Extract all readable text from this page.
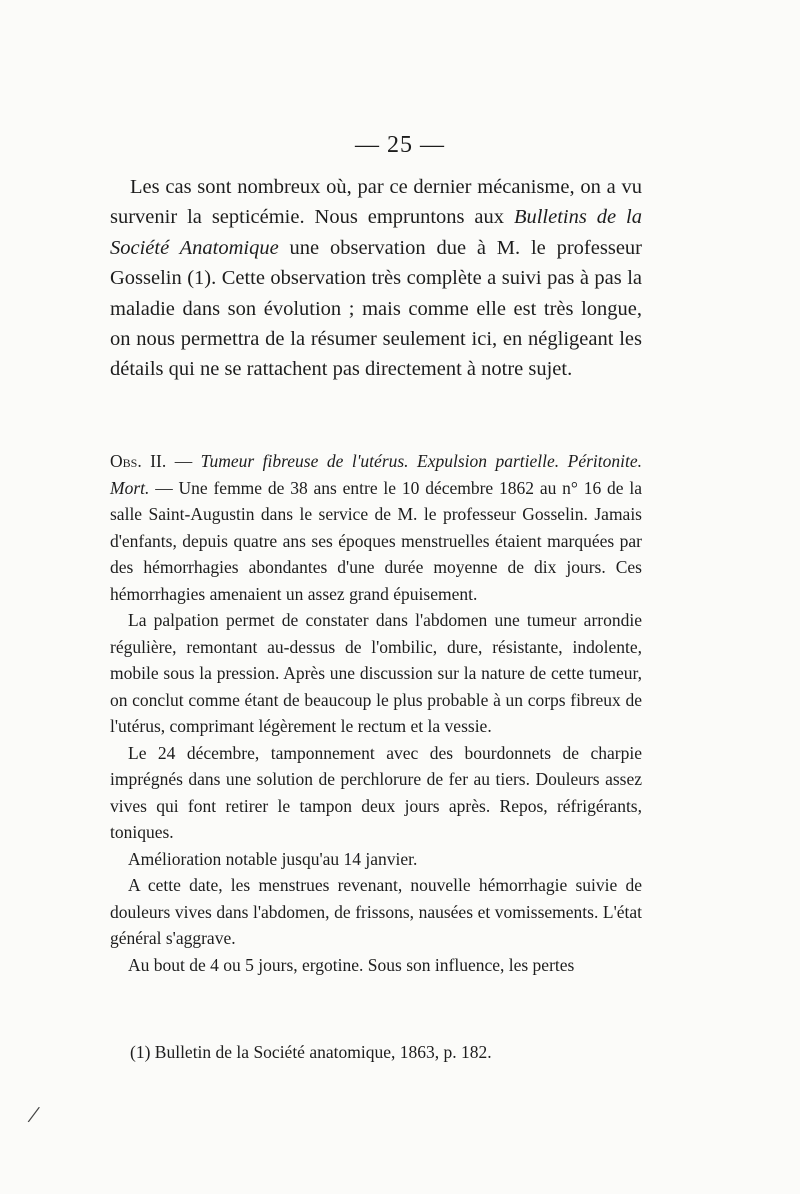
— 25 —

Les cas sont nombreux où, par ce dernier mécanisme, on a vu survenir la septicémie. Nous empruntons aux Bulletins de la Société Anatomique une observation due à M. le professeur Gosselin (1). Cette observation très complète a suivi pas à pas la maladie dans son évolution ; mais comme elle est très longue, on nous permettra de la résumer seulement ici, en négligeant les détails qui ne se rattachent pas directement à notre sujet.

Obs. II. — Tumeur fibreuse de l'utérus. Expulsion partielle. Péritonite. Mort. — Une femme de 38 ans entre le 10 décembre 1862 au n° 16 de la salle Saint-Augustin dans le service de M. le professeur Gosselin. Jamais d'enfants, depuis quatre ans ses époques menstruelles étaient marquées par des hémorrhagies abondantes d'une durée moyenne de dix jours. Ces hémorrhagies amenaient un assez grand épuisement.

La palpation permet de constater dans l'abdomen une tumeur arrondie régulière, remontant au-dessus de l'ombilic, dure, résistante, indolente, mobile sous la pression. Après une discussion sur la nature de cette tumeur, on conclut comme étant de beaucoup le plus probable à un corps fibreux de l'utérus, comprimant légèrement le rectum et la vessie.

Le 24 décembre, tamponnement avec des bourdonnets de charpie imprégnés dans une solution de perchlorure de fer au tiers. Douleurs assez vives qui font retirer le tampon deux jours après. Repos, réfrigérants, toniques.

Amélioration notable jusqu'au 14 janvier.

A cette date, les menstrues revenant, nouvelle hémorrhagie suivie de douleurs vives dans l'abdomen, de frissons, nausées et vomissements. L'état général s'aggrave.

Au bout de 4 ou 5 jours, ergotine. Sous son influence, les pertes

(1) Bulletin de la Société anatomique, 1863, p. 182.
/
